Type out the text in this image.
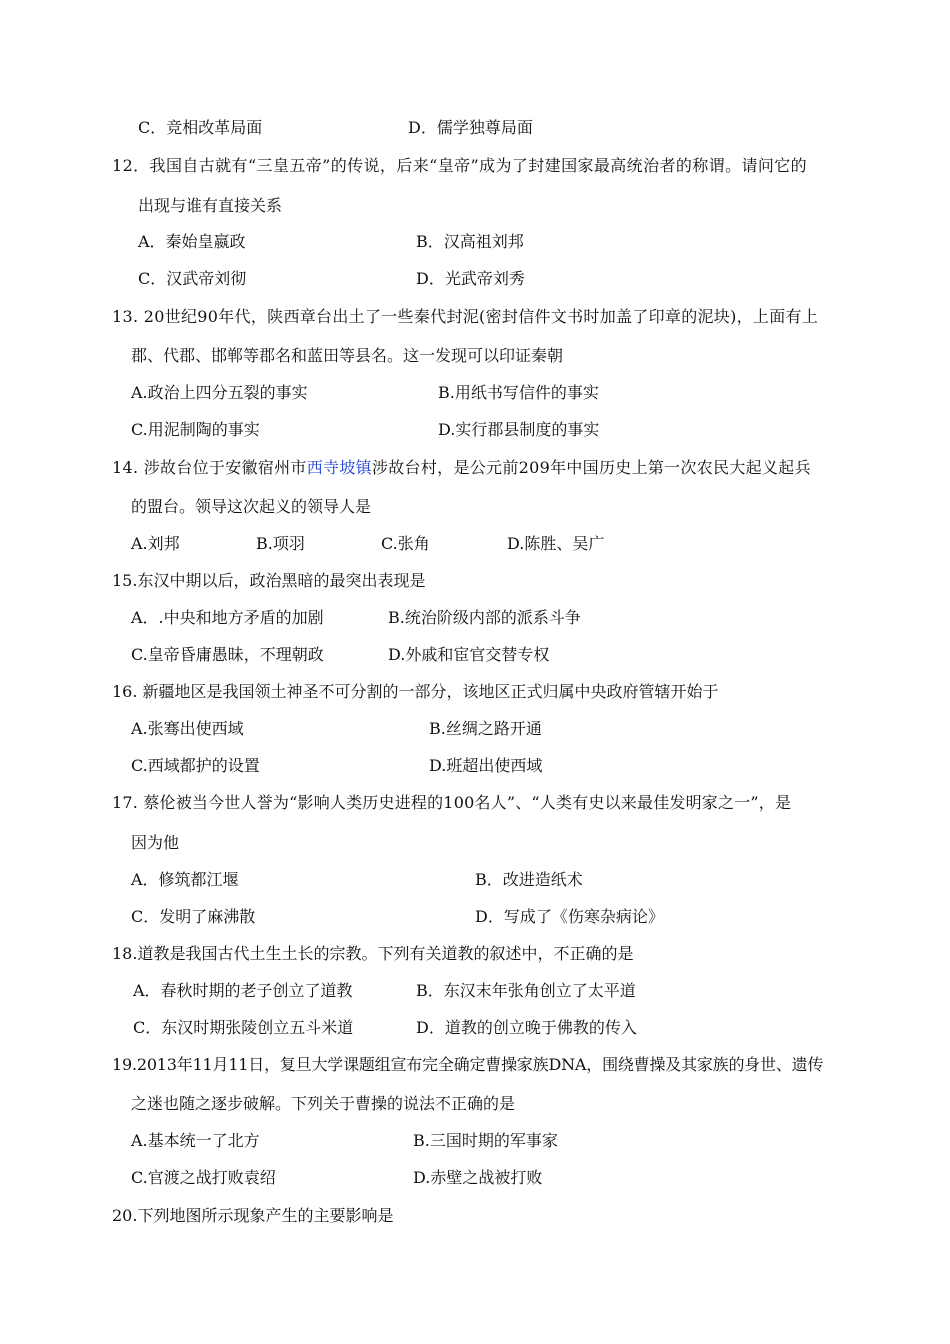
C．竞相改革局面	D．儒学独尊局面
12．我国自古就有“三皇五帝”的传说，后来“皇帝”成为了封建国家最高统治者的称谓。请问它的
出现与谁有直接关系
A．秦始皇嬴政	B．汉高祖刘邦
C．汉武帝刘彻	D．光武帝刘秀
13. 20世纪90年代，陕西章台出土了一些秦代封泥(密封信件文书时加盖了印章的泥块)，上面有上
郡、代郡、邯郸等郡名和蓝田等县名。这一发现可以印证秦朝
A.政治上四分五裂的事实	B.用纸书写信件的事实
C.用泥制陶的事实	D.实行郡县制度的事实
14. 涉故台位于安徽宿州市西寺坡镇涉故台村，是公元前209年中国历史上第一次农民大起义起兵
的盟台。领导这次起义的领导人是
A.刘邦	B.项羽	C.张角	D.陈胜、吴广
15.东汉中期以后，政治黑暗的最突出表现是
A．.中央和地方矛盾的加剧	B.统治阶级内部的派系斗争
C.皇帝昏庸愚昧，不理朝政	D.外戚和宦官交替专权
16. 新疆地区是我国领土神圣不可分割的一部分，该地区正式归属中央政府管辖开始于
A.张骞出使西域	B.丝绸之路开通
C.西域都护的设置	D.班超出使西域
17. 蔡伦被当今世人誉为“影响人类历史进程的100名人”、“人类有史以来最佳发明家之一”，是
因为他
A．修筑都江堰	B．改进造纸术
C．发明了麻沸散	D．写成了《伤寒杂病论》
18.道教是我国古代土生土长的宗教。下列有关道教的叙述中，不正确的是
A．春秋时期的老子创立了道教	B．东汉末年张角创立了太平道
C．东汉时期张陵创立五斗米道	D．道教的创立晚于佛教的传入
19.2013年11月11日，复旦大学课题组宣布完全确定曹操家族DNA，围绕曹操及其家族的身世、遗传
之迷也随之逐步破解。下列关于曹操的说法不正确的是
A.基本统一了北方	B.三国时期的军事家
C.官渡之战打败袁绍	D.赤壁之战被打败
20.下列地图所示现象产生的主要影响是
